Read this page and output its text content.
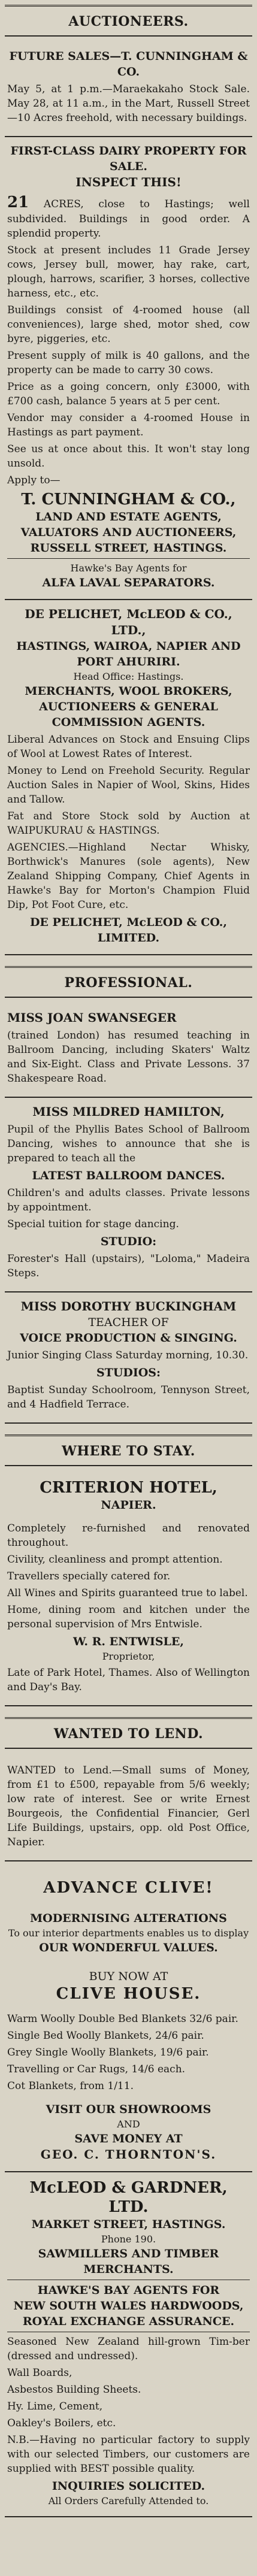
AUCTIONEERS.
FUTURE SALES—T. CUNNINGHAM & CO.
May 5, at 1 p.m.—Maraekakaho Stock Sale. May 28, at 11 a.m., in the Mart, Russell Street—10 Acres freehold, with necessary buildings.
FIRST-CLASS DAIRY PROPERTY FOR SALE.
INSPECT THIS!
21 ACRES, close to Hastings; well subdivided. Buildings in good order. A splendid property.
Stock at present includes 11 Grade Jersey cows, Jersey bull, mower, hay rake, cart, plough, harrows, scarifier, 3 horses, collective harness, etc., etc.
Buildings consist of 4-roomed house (all conveniences), large shed, motor shed, cow byre, piggeries, etc.
Present supply of milk is 40 gallons, and the property can be made to carry 30 cows.
Price as a going concern, only £3000, with £700 cash, balance 5 years at 5 per cent.
Vendor may consider a 4-roomed House in Hastings as part payment.
See us at once about this. It won't stay long unsold.
Apply to—
T. CUNNINGHAM & CO.,
LAND AND ESTATE AGENTS,
VALUATORS AND AUCTIONEERS,
RUSSELL STREET, HASTINGS.
Hawke's Bay Agents for
ALFA LAVAL SEPARATORS.
DE PELICHET, McLEOD & CO., LTD.,
HASTINGS, WAIROA, NAPIER AND PORT AHURIRI.
Head Office: Hastings.
MERCHANTS, WOOL BROKERS, AUCTIONEERS & GENERAL COMMISSION AGENTS.
Liberal Advances on Stock and Ensuing Clips of Wool at Lowest Rates of Interest.
Money to Lend on Freehold Security. Regular Auction Sales in Napier of Wool, Skins, Hides and Tallow.
Fat and Store Stock sold by Auction at WAIPUKURAU & HASTINGS.
AGENCIES.—Highland Nectar Whisky, Borthwick's Manures (sole agents), New Zealand Shipping Company, Chief Agents in Hawke's Bay for Morton's Champion Fluid Dip, Pot Foot Cure, etc.
DE PELICHET, McLEOD & CO., LIMITED.
PROFESSIONAL.
MISS JOAN SWANSEGER
(trained London) has resumed teaching in Ballroom Dancing, including Skaters' Waltz and Six-Eight. Class and Private Lessons. 37 Shakespeare Road.
MISS MILDRED HAMILTON,
Pupil of the Phyllis Bates School of Ballroom Dancing, wishes to announce that she is prepared to teach all the
LATEST BALLROOM DANCES.
Children's and adults classes. Private lessons by appointment.
Special tuition for stage dancing.
STUDIO:
Forester's Hall (upstairs), "Loloma," Madeira Steps.
MISS DOROTHY BUCKINGHAM
TEACHER OF
VOICE PRODUCTION & SINGING.
Junior Singing Class Saturday morning, 10.30.
STUDIOS:
Baptist Sunday Schoolroom, Tennyson Street, and 4 Hadfield Terrace.
WHERE TO STAY.
CRITERION HOTEL,
NAPIER.
Completely re-furnished and renovated throughout.
Civility, cleanliness and prompt attention.
Travellers specially catered for.
All Wines and Spirits guaranteed true to label.
Home, dining room and kitchen under the personal supervision of Mrs Entwisle.
W. R. ENTWISLE,
Proprietor,
Late of Park Hotel, Thames. Also of Wellington and Day's Bay.
WANTED TO LEND.
WANTED to Lend.—Small sums of Money, from £1 to £500, repayable from 5/6 weekly; low rate of interest. See or write Ernest Bourgeois, the Confidential Financier, Gerl Life Buildings, upstairs, opp. old Post Office, Napier.
ADVANCE CLIVE!
MODERNISING ALTERATIONS
To our interior departments enables us to display
OUR WONDERFUL VALUES.
BUY NOW AT
CLIVE HOUSE.
Warm Woolly Double Bed Blankets 32/6 pair.
Single Bed Woolly Blankets, 24/6 pair.
Grey Single Woolly Blankets, 19/6 pair.
Travelling or Car Rugs, 14/6 each.
Cot Blankets, from 1/11.
VISIT OUR SHOWROOMS
AND
SAVE MONEY AT
GEO. C. THORNTON'S.
McLEOD & GARDNER, LTD.
MARKET STREET, HASTINGS.
Phone 190.
SAWMILLERS AND TIMBER MERCHANTS.
HAWKE'S BAY AGENTS FOR
NEW SOUTH WALES HARDWOODS,
ROYAL EXCHANGE ASSURANCE.
Seasoned New Zealand hill-grown Tim-ber (dressed and undressed).
Wall Boards,
Asbestos Building Sheets.
Hy. Lime, Cement,
Oakley's Boilers, etc.
N.B.—Having no particular factory to supply with our selected Timbers, our customers are supplied with BEST possible quality.
INQUIRIES SOLICITED.
All Orders Carefully Attended to.
